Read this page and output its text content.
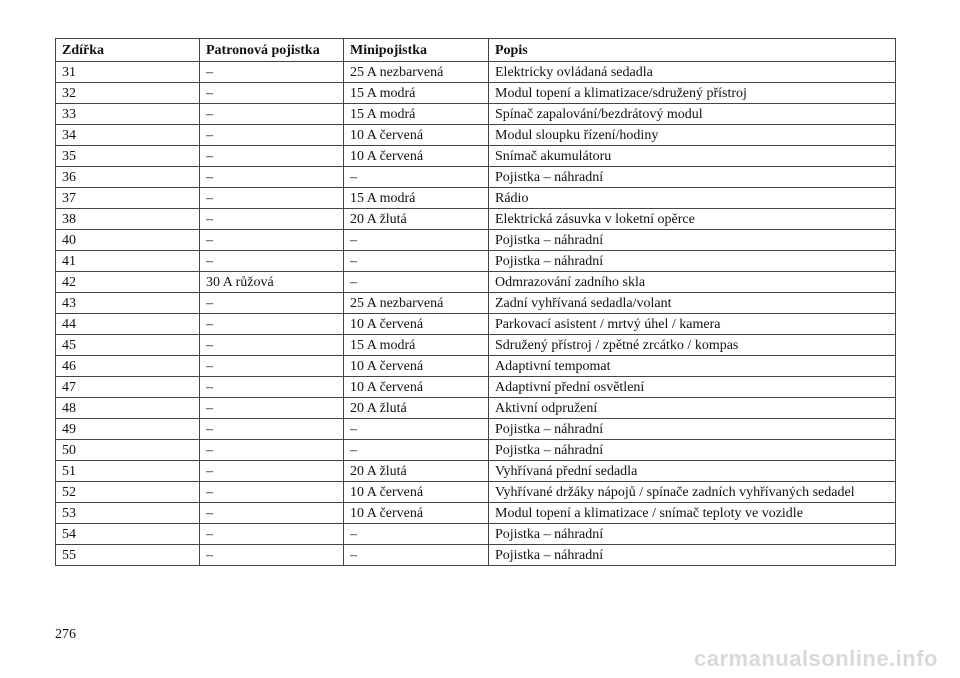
Zdířka	Patronová pojistka	Minipojistka	Popis
31	–	25 A nezbarvená	Elektricky ovládaná sedadla
32	–	15 A modrá	Modul topení a klimatizace/sdružený přístroj
33	–	15 A modrá	Spínač zapalování/bezdrátový modul
34	–	10 A červená	Modul sloupku řízení/hodiny
35	–	10 A červená	Snímač akumulátoru
36	–	–	Pojistka – náhradní
37	–	15 A modrá	Rádio
38	–	20 A žlutá	Elektrická zásuvka v loketní opěrce
40	–	–	Pojistka – náhradní
41	–	–	Pojistka – náhradní
42	30 A růžová	–	Odmrazování zadního skla
43	–	25 A nezbarvená	Zadní vyhřívaná sedadla/volant
44	–	10 A červená	Parkovací asistent / mrtvý úhel / kamera
45	–	15 A modrá	Sdružený přístroj / zpětné zrcátko / kompas
46	–	10 A červená	Adaptivní tempomat
47	–	10 A červená	Adaptivní přední osvětlení
48	–	20 A žlutá	Aktivní odpružení
49	–	–	Pojistka – náhradní
50	–	–	Pojistka – náhradní
51	–	20 A žlutá	Vyhřívaná přední sedadla
52	–	10 A červená	Vyhřívané držáky nápojů / spínače zadních vyhřívaných sedadel
53	–	10 A červená	Modul topení a klimatizace / snímač teploty ve vozidle
54	–	–	Pojistka – náhradní
55	–	–	Pojistka – náhradní
276
carmanualsonline.info
